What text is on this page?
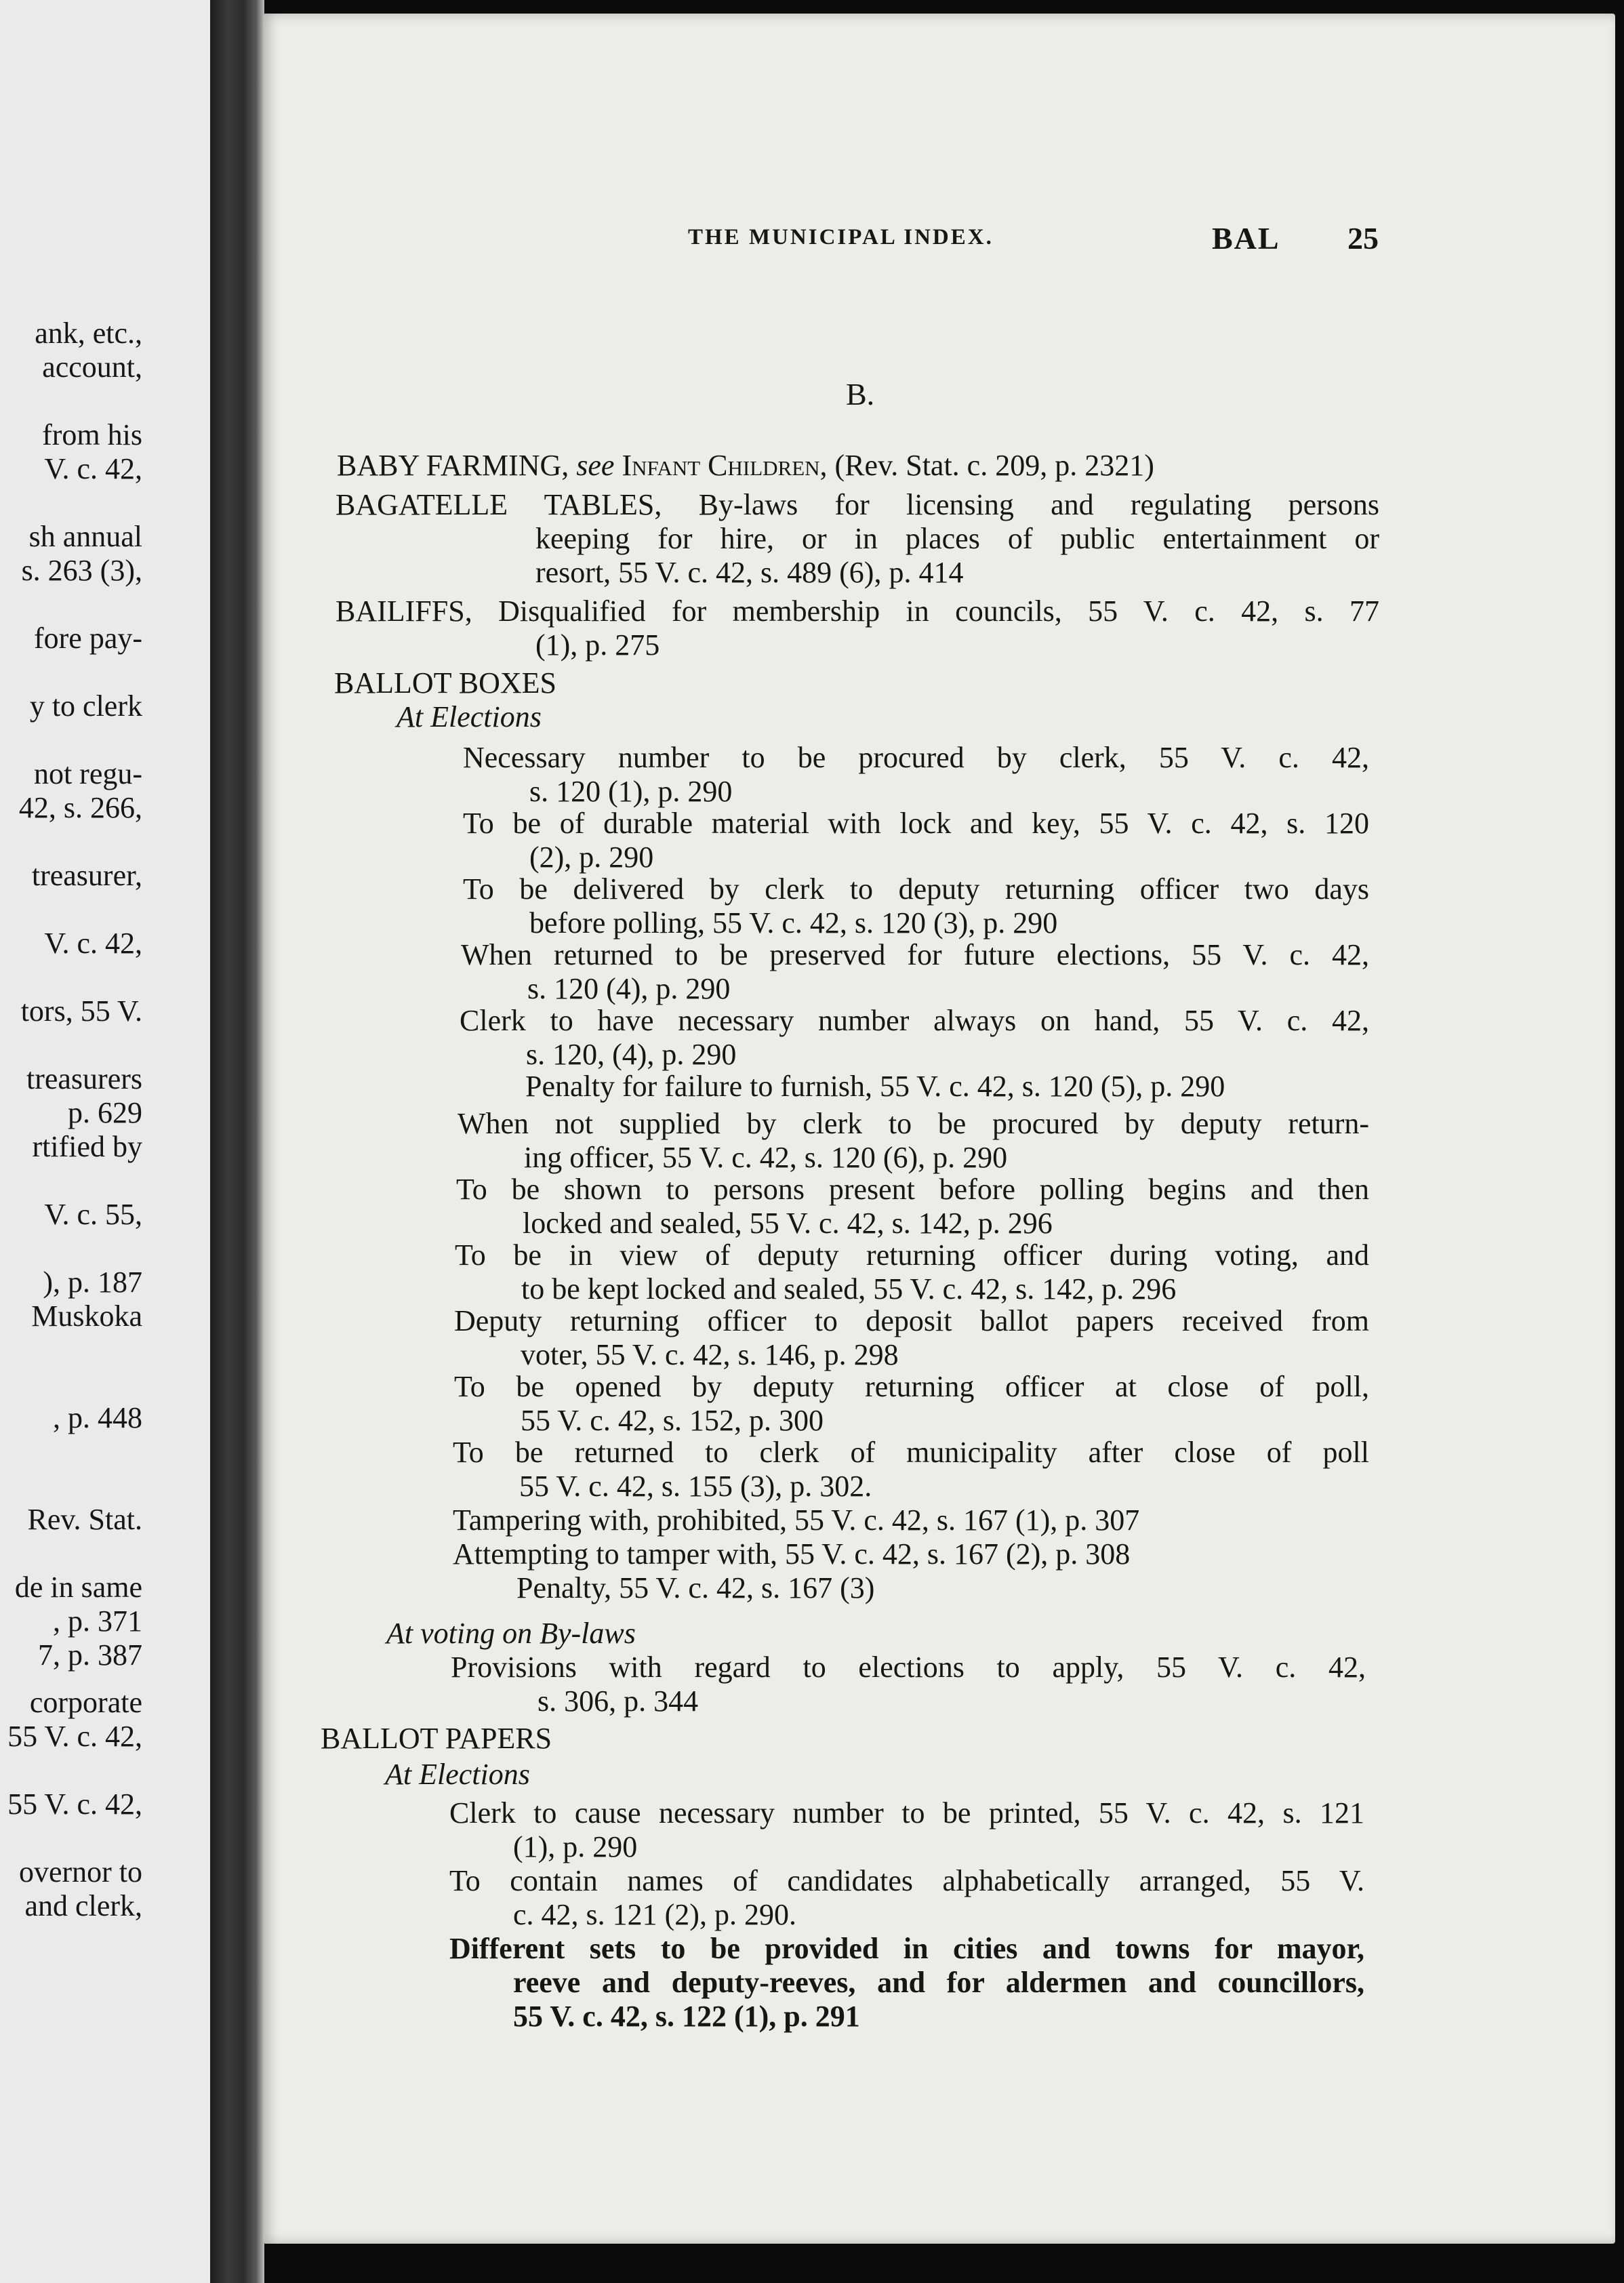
ank, etc.,
account,
from his
V. c. 42,
sh annual
s. 263 (3),
fore pay-
y to clerk
not regu-
42, s. 266,
treasurer,
V. c. 42,
tors, 55 V.
treasurers
p. 629
rtified by
V. c. 55,
), p. 187
Muskoka
, p. 448
Rev. Stat.
de in same
, p. 371
7, p. 387
corporate
55 V. c. 42,
55 V. c. 42,
overnor to
and clerk,
THE MUNICIPAL INDEX.	BAL 25
B.
BABY FARMING, see Infant Children, (Rev. Stat. c. 209, p. 2321)
BAGATELLE TABLES, By-laws for licensing and regulating persons
keeping for hire, or in places of public entertainment or
resort, 55 V. c. 42, s. 489 (6), p. 414
BAILIFFS, Disqualified for membership in councils, 55 V. c. 42, s. 77
(1), p. 275
BALLOT BOXES
At Elections
Necessary number to be procured by clerk, 55 V. c. 42,
s. 120 (1), p. 290
To be of durable material with lock and key, 55 V. c. 42, s. 120
(2), p. 290
To be delivered by clerk to deputy returning officer two days
before polling, 55 V. c. 42, s. 120 (3), p. 290
When returned to be preserved for future elections, 55 V. c. 42,
s. 120 (4), p. 290
Clerk to have necessary number always on hand, 55 V. c. 42,
s. 120, (4), p. 290
Penalty for failure to furnish, 55 V. c. 42, s. 120 (5), p. 290
When not supplied by clerk to be procured by deputy return-
ing officer, 55 V. c. 42, s. 120 (6), p. 290
To be shown to persons present before polling begins and then
locked and sealed, 55 V. c. 42, s. 142, p. 296
To be in view of deputy returning officer during voting, and
to be kept locked and sealed, 55 V. c. 42, s. 142, p. 296
Deputy returning officer to deposit ballot papers received from
voter, 55 V. c. 42, s. 146, p. 298
To be opened by deputy returning officer at close of poll,
55 V. c. 42, s. 152, p. 300
To be returned to clerk of municipality after close of poll
55 V. c. 42, s. 155 (3), p. 302.
Tampering with, prohibited, 55 V. c. 42, s. 167 (1), p. 307
Attempting to tamper with, 55 V. c. 42, s. 167 (2), p. 308
Penalty, 55 V. c. 42, s. 167 (3)
At voting on By-laws
Provisions with regard to elections to apply, 55 V. c. 42,
s. 306, p. 344
BALLOT PAPERS
At Elections
Clerk to cause necessary number to be printed, 55 V. c. 42, s. 121
(1), p. 290
To contain names of candidates alphabetically arranged, 55 V.
c. 42, s. 121 (2), p. 290.
Different sets to be provided in cities and towns for mayor,
reeve and deputy-reeves, and for aldermen and councillors,
55 V. c. 42, s. 122 (1), p. 291
